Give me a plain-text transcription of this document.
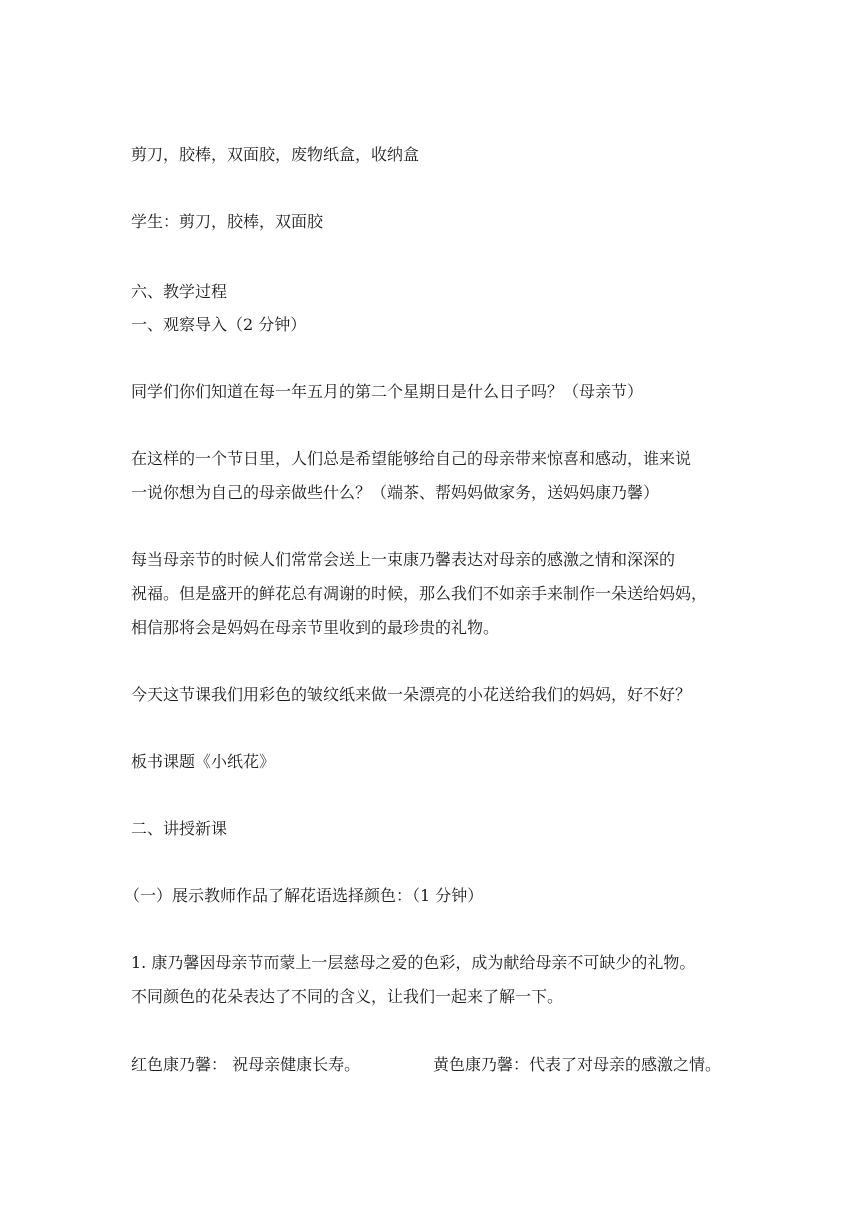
剪刀，胶棒，双面胶，废物纸盒，收纳盒
学生：剪刀，胶棒，双面胶
六、教学过程
一、观察导入（2 分钟）
同学们你们知道在每一年五月的第二个星期日是什么日子吗？（母亲节）
在这样的一个节日里，人们总是希望能够给自己的母亲带来惊喜和感动，谁来说
一说你想为自己的母亲做些什么？（端茶、帮妈妈做家务，送妈妈康乃馨）
每当母亲节的时候人们常常会送上一束康乃馨表达对母亲的感激之情和深深的
祝福。但是盛开的鲜花总有凋谢的时候，那么我们不如亲手来制作一朵送给妈妈，
相信那将会是妈妈在母亲节里收到的最珍贵的礼物。
今天这节课我们用彩色的皱纹纸来做一朵漂亮的小花送给我们的妈妈，好不好？
板书课题《小纸花》
二、讲授新课
（一）展示教师作品了解花语选择颜色：（1 分钟）
1. 康乃馨因母亲节而蒙上一层慈母之爱的色彩，成为献给母亲不可缺少的礼物。
不同颜色的花朵表达了不同的含义，让我们一起来了解一下。
红色康乃馨： 祝母亲健康长寿。	黄色康乃馨：代表了对母亲的感激之情。
